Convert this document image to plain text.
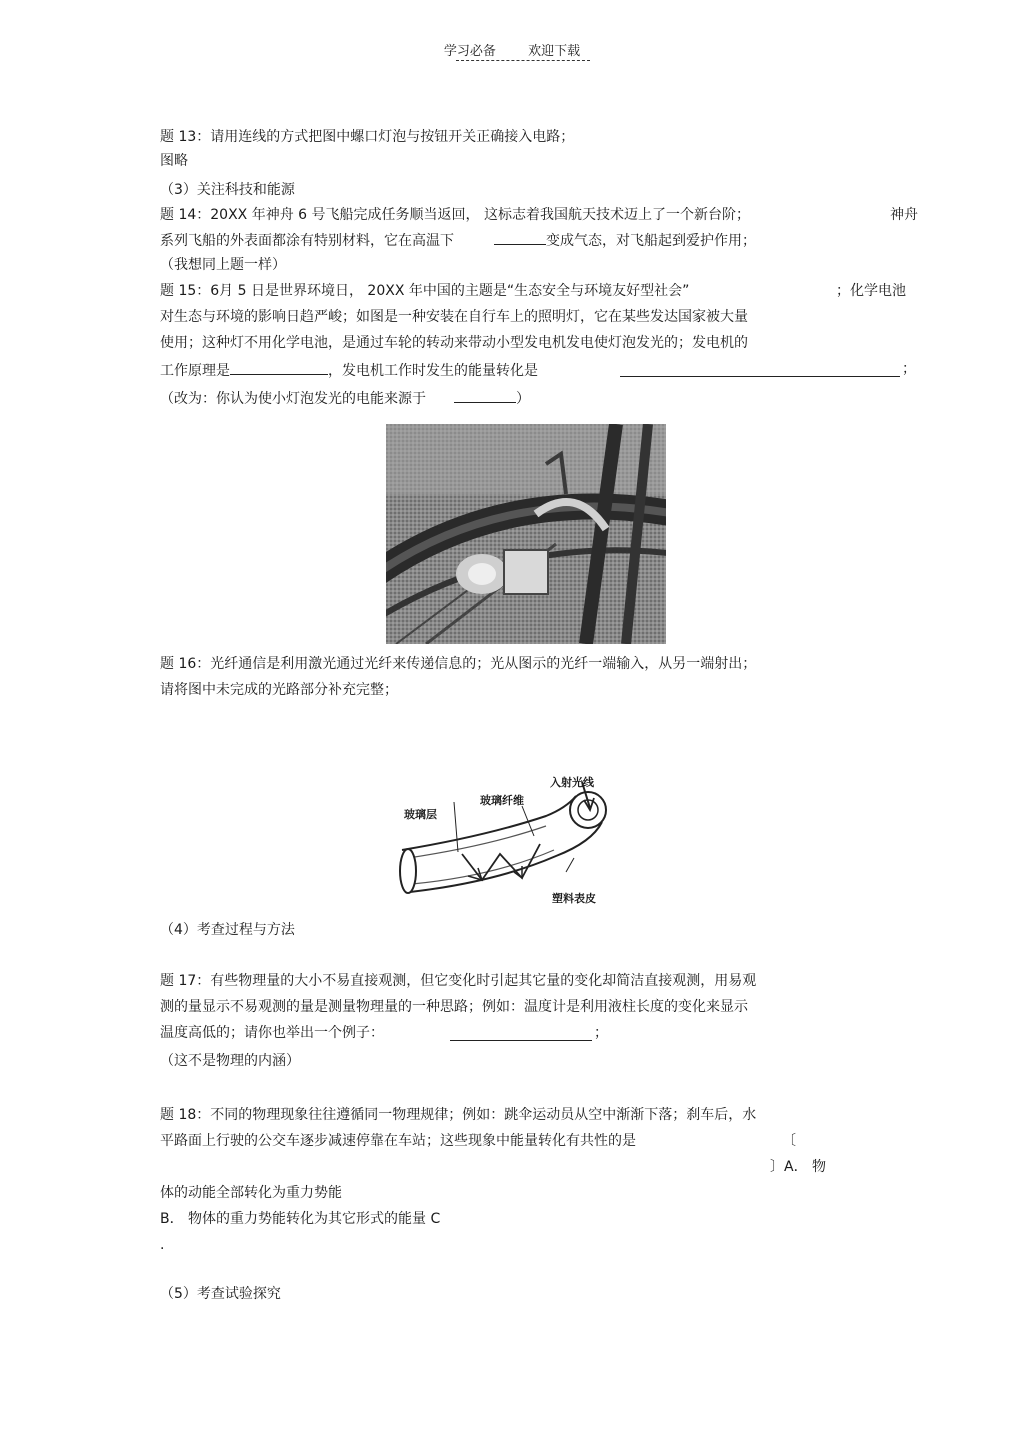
学习必备 欢迎下载
题 13：请用连线的方式把图中螺口灯泡与按钮开关正确接入电路；
图略
（3）关注科技和能源
题 14：20XX 年神舟 6 号飞船完成任务顺当返回， 这标志着我国航天技术迈上了一个新台阶；	神舟
系列飞船的外表面都涂有特别材料，它在高温下	变成气态，对飞船起到爱护作用；
（我想同上题一样）
题 15：6月 5 日是世界环境日， 20XX 年中国的主题是“生态安全与环境友好型社会”	；化学电池
对生态与环境的影响日趋严峻；如图是一种安装在自行车上的照明灯，它在某些发达国家被大量
使用；这种灯不用化学电池，是通过车轮的转动来带动小型发电机发电使灯泡发光的；发电机的
工作原理是	，发电机工作时发生的能量转化是	；
（改为：你认为使小灯泡发光的电能来源于	）
题 16：光纤通信是利用激光通过光纤来传递信息的；光从图示的光纤一端输入，从另一端射出；
请将图中未完成的光路部分补充完整；
入射光线
玻璃纤维
玻璃层
塑料表皮
（4）考查过程与方法
题 17：有些物理量的大小不易直接观测，但它变化时引起其它量的变化却简洁直接观测，用易观
测的量显示不易观测的量是测量物理量的一种思路；例如：温度计是利用液柱长度的变化来显示
温度高低的；请你也举出一个例子：	；
（这不是物理的内涵）
题 18：不同的物理现象往往遵循同一物理规律；例如：跳伞运动员从空中渐渐下落；刹车后，水
平路面上行驶的公交车逐步减速停靠在车站；这些现象中能量转化有共性的是	〔
〕A． 物
体的动能全部转化为重力势能
B． 物体的重力势能转化为其它形式的能量 C
.
（5）考查试验探究
